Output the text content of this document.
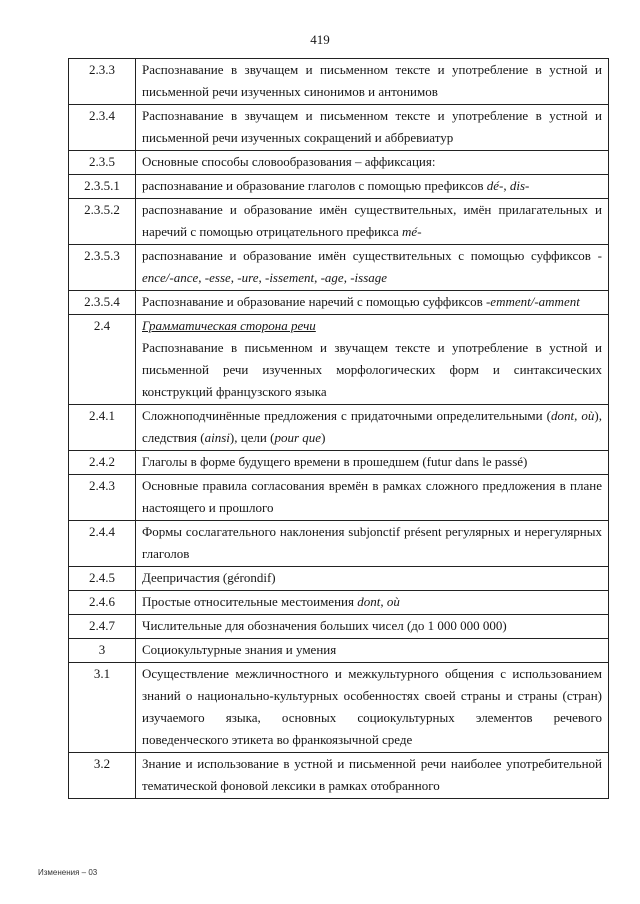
419
2.3.3	Распознавание в звучащем и письменном тексте и употребление в устной и письменной речи изученных синонимов и антонимов
2.3.4	Распознавание в звучащем и письменном тексте и употребление в устной и письменной речи изученных сокращений и аббревиатур
2.3.5	Основные способы словообразования – аффиксация:
2.3.5.1	распознавание и образование глаголов с помощью префиксов dé-, dis-
2.3.5.2	распознавание и образование имён существительных, имён прилагательных и наречий с помощью отрицательного префикса mé-
2.3.5.3	распознавание и образование имён существительных с помощью суффиксов -ence/-ance, -esse, -ure, -issement, -age, -issage
2.3.5.4	Распознавание и образование наречий с помощью суффиксов -emment/-amment
2.4	Грамматическая сторона речи

Распознавание в письменном и звучащем тексте и употребление в устной и письменной речи изученных морфологических форм и синтаксических конструкций французского языка

2.4.1	Сложноподчинённые предложения с придаточными определительными (dont, où), следствия (ainsi), цели (pour que)
2.4.2	Глаголы в форме будущего времени в прошедшем (futur dans le passé)
2.4.3	Основные правила согласования времён в рамках сложного предложения в плане настоящего и прошлого
2.4.4	Формы сослагательного наклонения subjonctif présent регулярных и нерегулярных глаголов
2.4.5	Деепричастия (gérondif)
2.4.6	Простые относительные местоимения dont, où
2.4.7	Числительные для обозначения больших чисел (до 1 000 000 000)
3	Социокультурные знания и умения
3.1	Осуществление межличностного и межкультурного общения с использованием знаний о национально-культурных особенностях своей страны и страны (стран) изучаемого языка, основных социокультурных элементов речевого поведенческого этикета во франкоязычной среде
3.2	Знание и использование в устной и письменной речи наиболее употребительной тематической фоновой лексики в рамках отобранного
Изменения – 03
